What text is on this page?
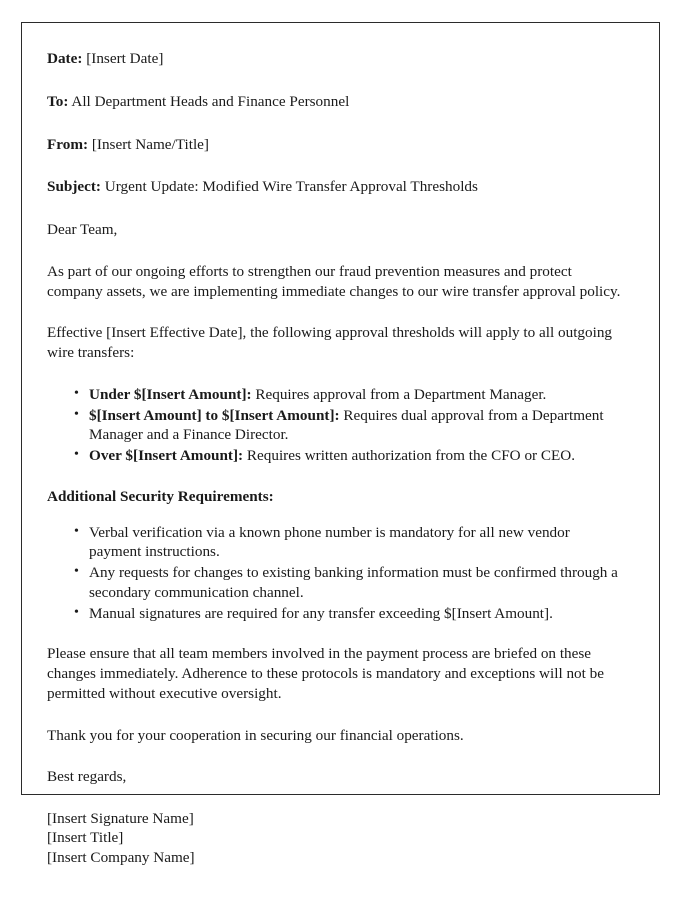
Date: [Insert Date]
To: All Department Heads and Finance Personnel
From: [Insert Name/Title]
Subject: Urgent Update: Modified Wire Transfer Approval Thresholds

Dear Team,

As part of our ongoing efforts to strengthen our fraud prevention measures and protect company assets, we are implementing immediate changes to our wire transfer approval policy.

Effective [Insert Effective Date], the following approval thresholds will apply to all outgoing wire transfers:

• Under $[Insert Amount]: Requires approval from a Department Manager.
• $[Insert Amount] to $[Insert Amount]: Requires dual approval from a Department Manager and a Finance Director.
• Over $[Insert Amount]: Requires written authorization from the CFO or CEO.

Additional Security Requirements:

• Verbal verification via a known phone number is mandatory for all new vendor payment instructions.
• Any requests for changes to existing banking information must be confirmed through a secondary communication channel.
• Manual signatures are required for any transfer exceeding $[Insert Amount].

Please ensure that all team members involved in the payment process are briefed on these changes immediately. Adherence to these protocols is mandatory and exceptions will not be permitted without executive oversight.

Thank you for your cooperation in securing our financial operations.

Best regards,

[Insert Signature Name]
[Insert Title]
[Insert Company Name]
